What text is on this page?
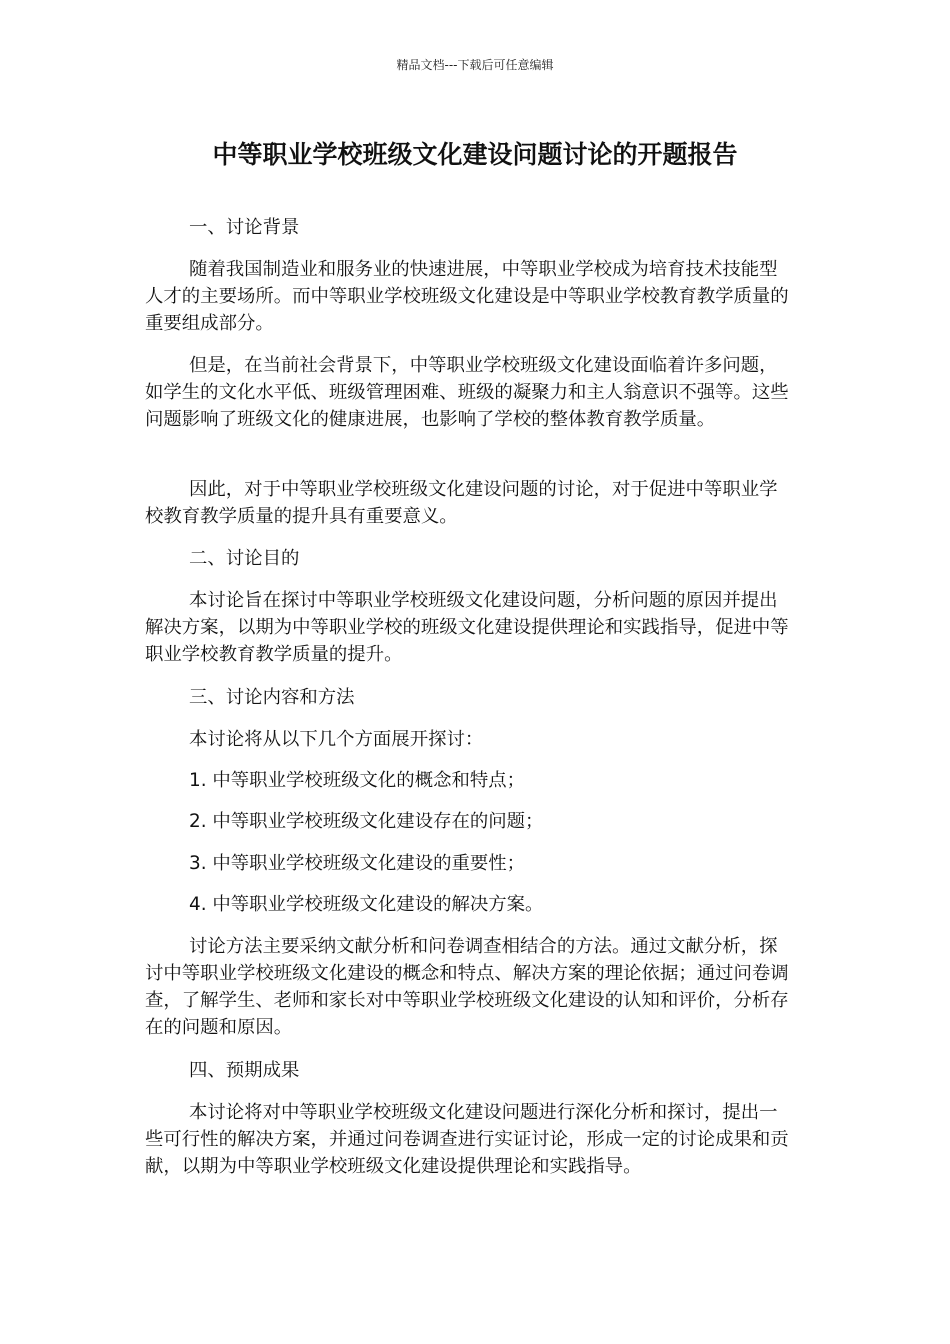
精品文档---下载后可任意编辑
中等职业学校班级文化建设问题讨论的开题报告
一、讨论背景
随着我国制造业和服务业的快速进展，中等职业学校成为培育技术技能型人才的主要场所。而中等职业学校班级文化建设是中等职业学校教育教学质量的重要组成部分。
但是，在当前社会背景下，中等职业学校班级文化建设面临着许多问题，如学生的文化水平低、班级管理困难、班级的凝聚力和主人翁意识不强等。这些问题影响了班级文化的健康进展，也影响了学校的整体教育教学质量。
因此，对于中等职业学校班级文化建设问题的讨论，对于促进中等职业学校教育教学质量的提升具有重要意义。
二、讨论目的
本讨论旨在探讨中等职业学校班级文化建设问题，分析问题的原因并提出解决方案，以期为中等职业学校的班级文化建设提供理论和实践指导，促进中等职业学校教育教学质量的提升。
三、讨论内容和方法
本讨论将从以下几个方面展开探讨：
1. 中等职业学校班级文化的概念和特点；
2. 中等职业学校班级文化建设存在的问题；
3. 中等职业学校班级文化建设的重要性；
4. 中等职业学校班级文化建设的解决方案。
讨论方法主要采纳文献分析和问卷调查相结合的方法。通过文献分析，探讨中等职业学校班级文化建设的概念和特点、解决方案的理论依据；通过问卷调查，了解学生、老师和家长对中等职业学校班级文化建设的认知和评价，分析存在的问题和原因。
四、预期成果
本讨论将对中等职业学校班级文化建设问题进行深化分析和探讨，提出一些可行性的解决方案，并通过问卷调查进行实证讨论，形成一定的讨论成果和贡献，以期为中等职业学校班级文化建设提供理论和实践指导。
